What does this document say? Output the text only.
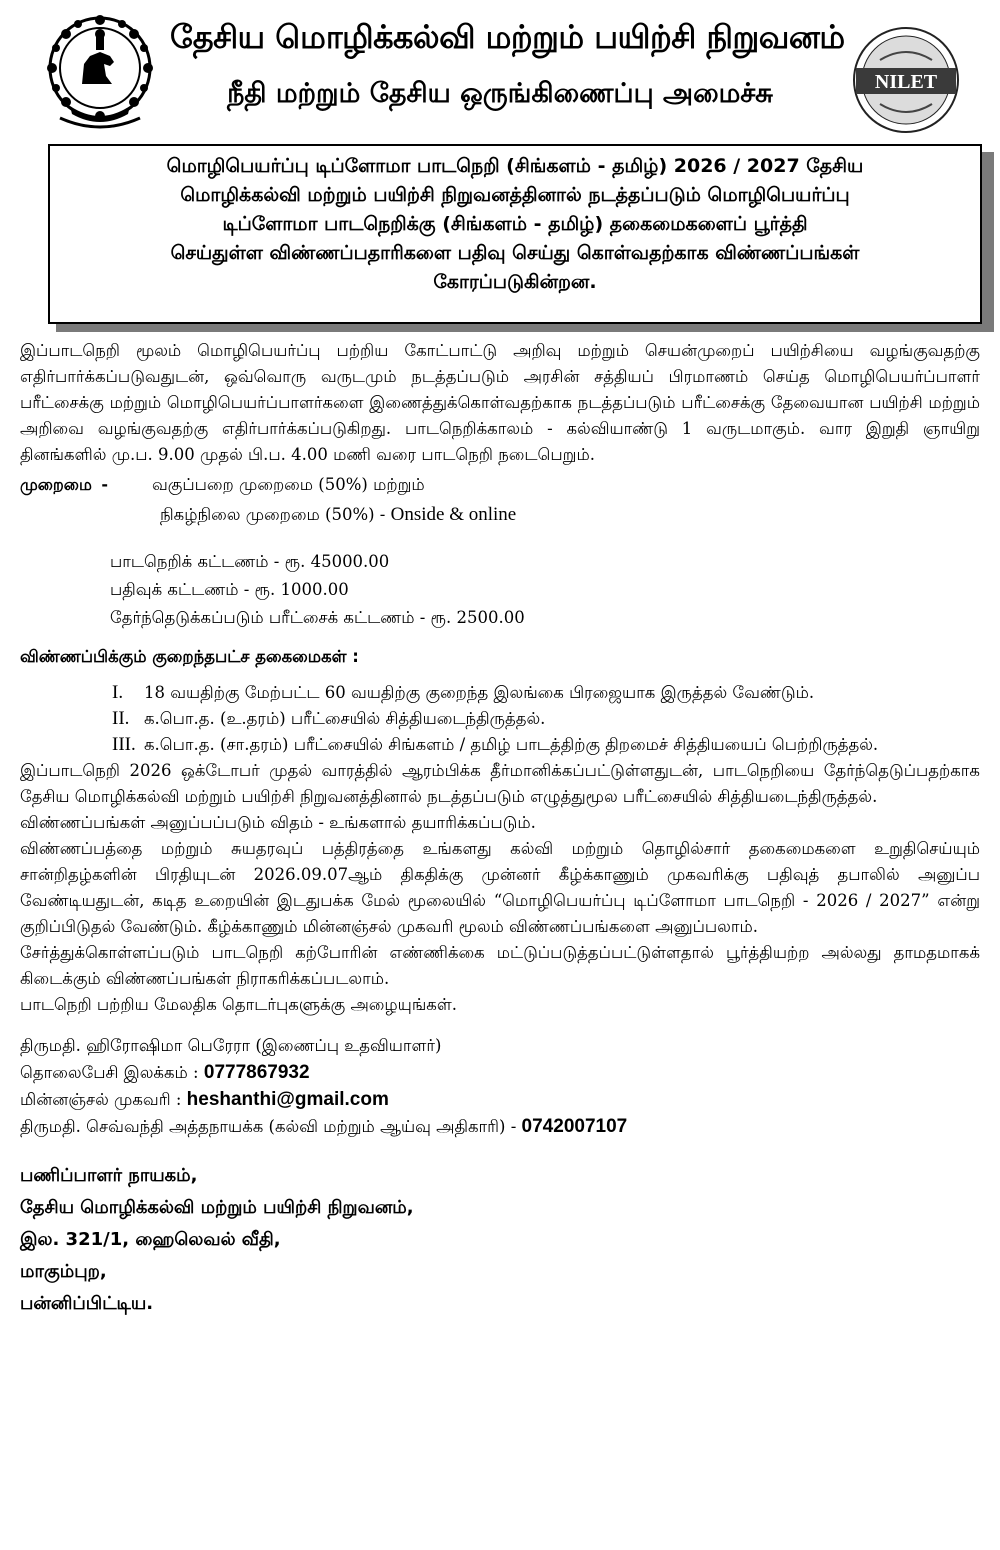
தேசிய மொழிக்கல்வி மற்றும் பயிற்சி நிறுவனம்
நீதி மற்றும் தேசிய ஒருங்கிணைப்பு அமைச்சு	NILET
மொழிபெயர்ப்பு டிப்ளோமா பாடநெறி (சிங்களம் - தமிழ்) 2026 / 2027 தேசிய
மொழிக்கல்வி மற்றும் பயிற்சி நிறுவனத்தினால் நடத்தப்படும் மொழிபெயர்ப்பு
டிப்ளோமா பாடநெறிக்கு (சிங்களம் - தமிழ்) தகைமைகளைப் பூர்த்தி
செய்துள்ள விண்ணப்பதாரிகளை பதிவு செய்து கொள்வதற்காக விண்ணப்பங்கள்
கோரப்படுகின்றன.

இப்பாடநெறி மூலம் மொழிபெயர்ப்பு பற்றிய கோட்பாட்டு அறிவு மற்றும் செயன்முறைப் பயிற்சியை வழங்குவதற்கு எதிர்பார்க்கப்படுவதுடன், ஒவ்வொரு வருடமும் நடத்தப்படும் அரசின் சத்தியப் பிரமாணம் செய்த மொழிபெயர்ப்பாளர் பரீட்சைக்கு மற்றும் மொழிபெயர்ப்பாளர்களை இணைத்துக்கொள்வதற்காக நடத்தப்படும் பரீட்சைக்கு தேவையான பயிற்சி மற்றும் அறிவை வழங்குவதற்கு எதிர்பார்க்கப்படுகிறது. பாடநெறிக்காலம் - கல்வியாண்டு 1 வருடமாகும். வார இறுதி ஞாயிறு தினங்களில் மு.ப. 9.00 முதல் பி.ப. 4.00 மணி வரை பாடநெறி நடைபெறும்.

முறைமை -	வகுப்பறை முறைமை (50%) மற்றும்
நிகழ்நிலை முறைமை (50%) - Onside & online
பாடநெறிக் கட்டணம் - ரூ. 45000.00
பதிவுக் கட்டணம் - ரூ. 1000.00
தேர்ந்தெடுக்கப்படும் பரீட்சைக் கட்டணம் - ரூ. 2500.00
விண்ணப்பிக்கும் குறைந்தபட்ச தகைமைகள் :
I.	18 வயதிற்கு மேற்பட்ட 60 வயதிற்கு குறைந்த இலங்கை பிரஜையாக இருத்தல் வேண்டும்.
II. க.பொ.த. (உ.தரம்) பரீட்சையில் சித்தியடைந்திருத்தல்.
III. க.பொ.த. (சா.தரம்) பரீட்சையில் சிங்களம் / தமிழ் பாடத்திற்கு திறமைச் சித்தியயைப் பெற்றிருத்தல்.

இப்பாடநெறி 2026 ஒக்டோபர் முதல் வாரத்தில் ஆரம்பிக்க தீர்மானிக்கப்பட்டுள்ளதுடன், பாடநெறியை தேர்ந்தெடுப்பதற்காக தேசிய மொழிக்கல்வி மற்றும் பயிற்சி நிறுவனத்தினால் நடத்தப்படும் எழுத்துமூல பரீட்சையில் சித்தியடைந்திருத்தல்.

விண்ணப்பங்கள் அனுப்பப்படும் விதம் - உங்களால் தயாரிக்கப்படும்.

விண்ணப்பத்தை மற்றும் சுயதரவுப் பத்திரத்தை உங்களது கல்வி மற்றும் தொழில்சார் தகைமைகளை உறுதிசெய்யும் சான்றிதழ்களின் பிரதியுடன் 2026.09.07ஆம் திகதிக்கு முன்னர் கீழ்க்காணும் முகவரிக்கு பதிவுத் தபாலில் அனுப்ப வேண்டியதுடன், கடித உறையின் இடதுபக்க மேல் மூலையில் “மொழிபெயர்ப்பு டிப்ளோமா பாடநெறி - 2026 / 2027” என்று குறிப்பிடுதல் வேண்டும். கீழ்க்காணும் மின்னஞ்சல் முகவரி மூலம் விண்ணப்பங்களை அனுப்பலாம்.

சேர்த்துக்கொள்ளப்படும் பாடநெறி கற்போரின் எண்ணிக்கை மட்டுப்படுத்தப்பட்டுள்ளதால் பூர்த்தியற்ற அல்லது தாமதமாகக் கிடைக்கும் விண்ணப்பங்கள் நிராகரிக்கப்படலாம்.

பாடநெறி பற்றிய மேலதிக தொடர்புகளுக்கு அழையுங்கள்.

திருமதி. ஹிரோஷிமா பெரேரா (இணைப்பு உதவியாளர்)
தொலைபேசி இலக்கம் : 0777867932
மின்னஞ்சல் முகவரி : heshanthi@gmail.com
திருமதி. செவ்வந்தி அத்தநாயக்க (கல்வி மற்றும் ஆய்வு அதிகாரி) - 0742007107
பணிப்பாளர் நாயகம்,
தேசிய மொழிக்கல்வி மற்றும் பயிற்சி நிறுவனம்,
இல. 321/1, ஹைலெவல் வீதி,
மாகும்புற,
பன்னிப்பிட்டிய.
